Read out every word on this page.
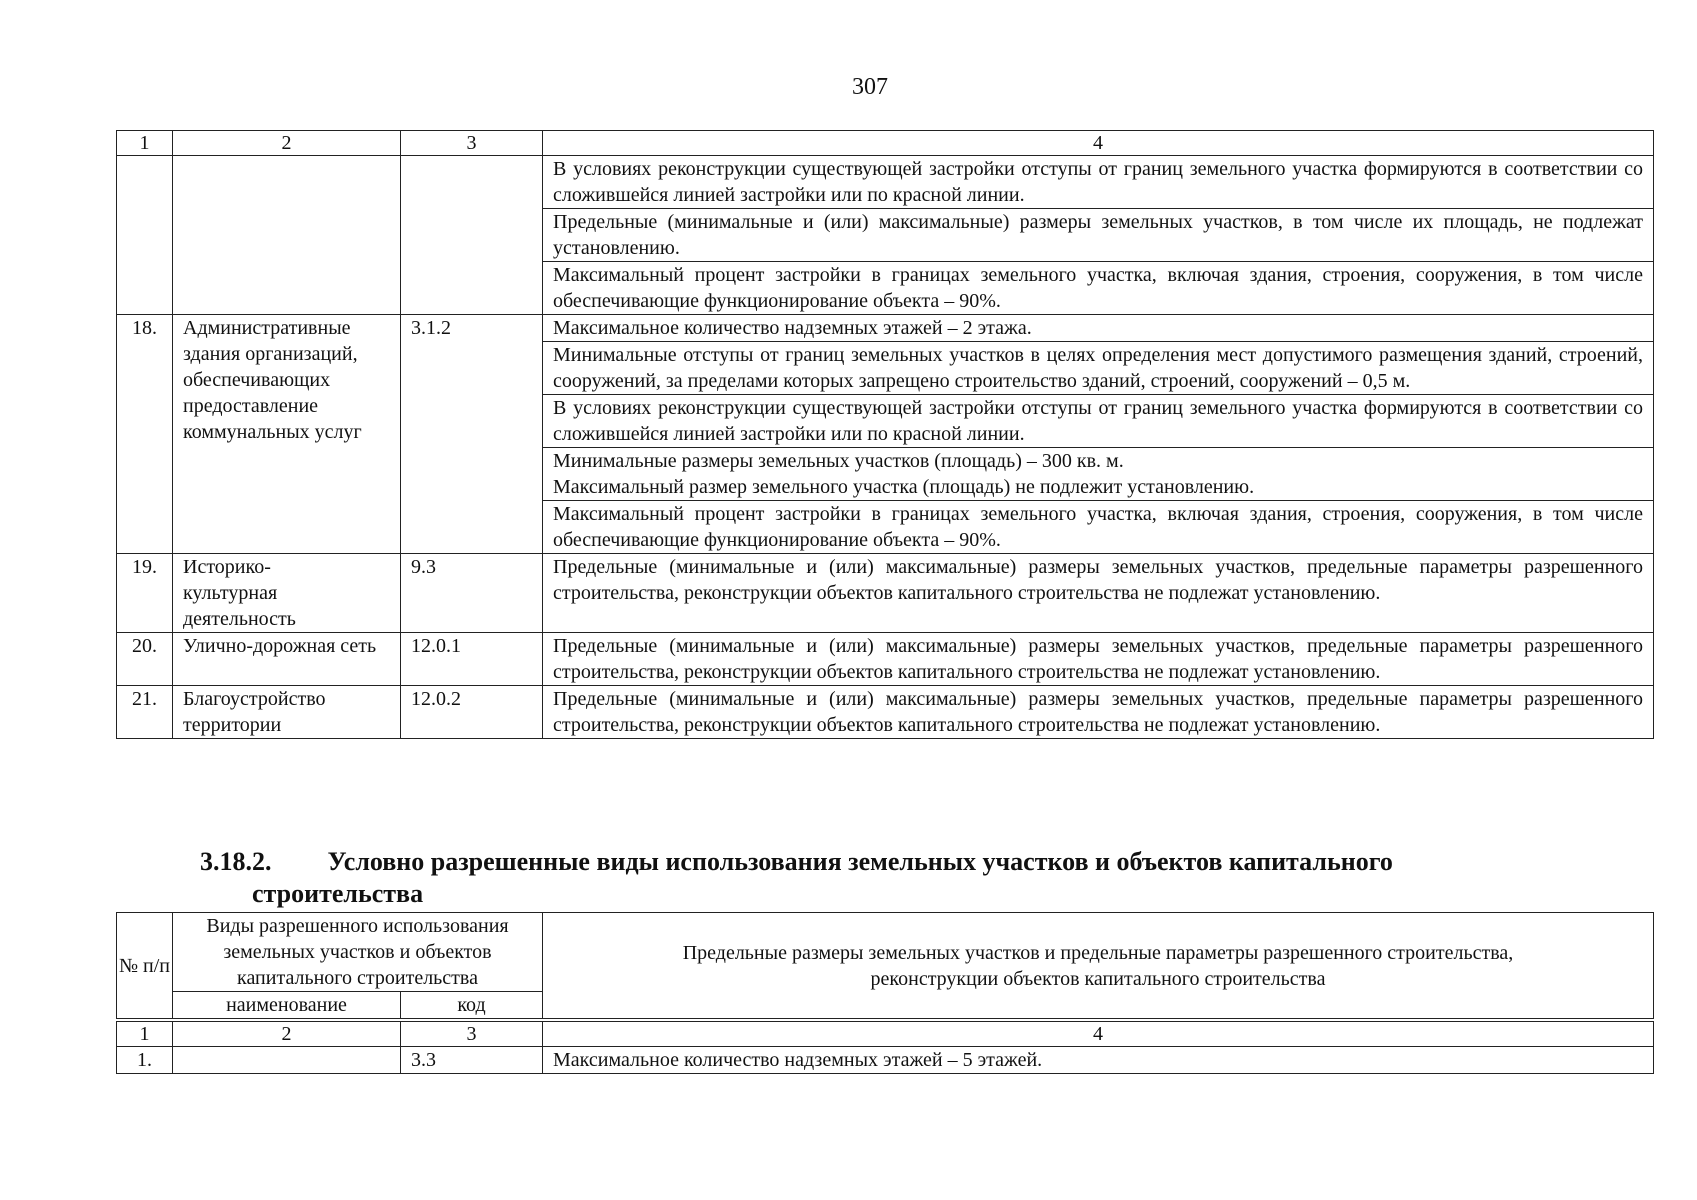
307
1	2	3	4
			В условиях реконструкции существующей застройки отступы от границ земельного участка формируются в соответствии со сложившейся линией застройки или по красной линии.
			Предельные (минимальные и (или) максимальные) размеры земельных участков, в том числе их площадь, не подлежат установлению.
			Максимальный процент застройки в границах земельного участка, включая здания, строения, сооружения, в том числе обеспечивающие функционирование объекта – 90%.
18.	Административные здания организаций, обеспечивающих предоставление коммунальных услуг	3.1.2	Максимальное количество надземных этажей – 2 этажа.
			Минимальные отступы от границ земельных участков в целях определения мест допустимого размещения зданий, строений, сооружений, за пределами которых запрещено строительство зданий, строений, сооружений – 0,5 м.
			В условиях реконструкции существующей застройки отступы от границ земельного участка формируются в соответствии со сложившейся линией застройки или по красной линии.

			Минимальные размеры земельных участков (площадь) – 300 кв. м.
Максимальный размер земельного участка (площадь) не подлежит установлению.

			Максимальный процент застройки в границах земельного участка, включая здания, строения, сооружения, в том числе обеспечивающие функционирование объекта – 90%.
19.	Историко-
культурная
деятельность	9.3	Предельные (минимальные и (или) максимальные) размеры земельных участков, предельные параметры разрешенного строительства, реконструкции объектов капитального строительства не подлежат установлению.
20.	Улично-дорожная сеть	12.0.1	Предельные (минимальные и (или) максимальные) размеры земельных участков, предельные параметры разрешенного строительства, реконструкции объектов капитального строительства не подлежат установлению.
21.	Благоустройство территории	12.0.2	Предельные (минимальные и (или) максимальные) размеры земельных участков, предельные параметры разрешенного строительства, реконструкции объектов капитального строительства не подлежат установлению.
3.18.2. Условно разрешенные виды использования земельных участков и объектов капитального
строительства
№ п/п	Виды разрешенного использования земельных участков и объектов капитального строительства		Предельные размеры земельных участков и предельные параметры разрешенного строительства, реконструкции объектов капитального строительства
	наименование	код	
1	2	3	4
1.		3.3	Максимальное количество надземных этажей – 5 этажей.
